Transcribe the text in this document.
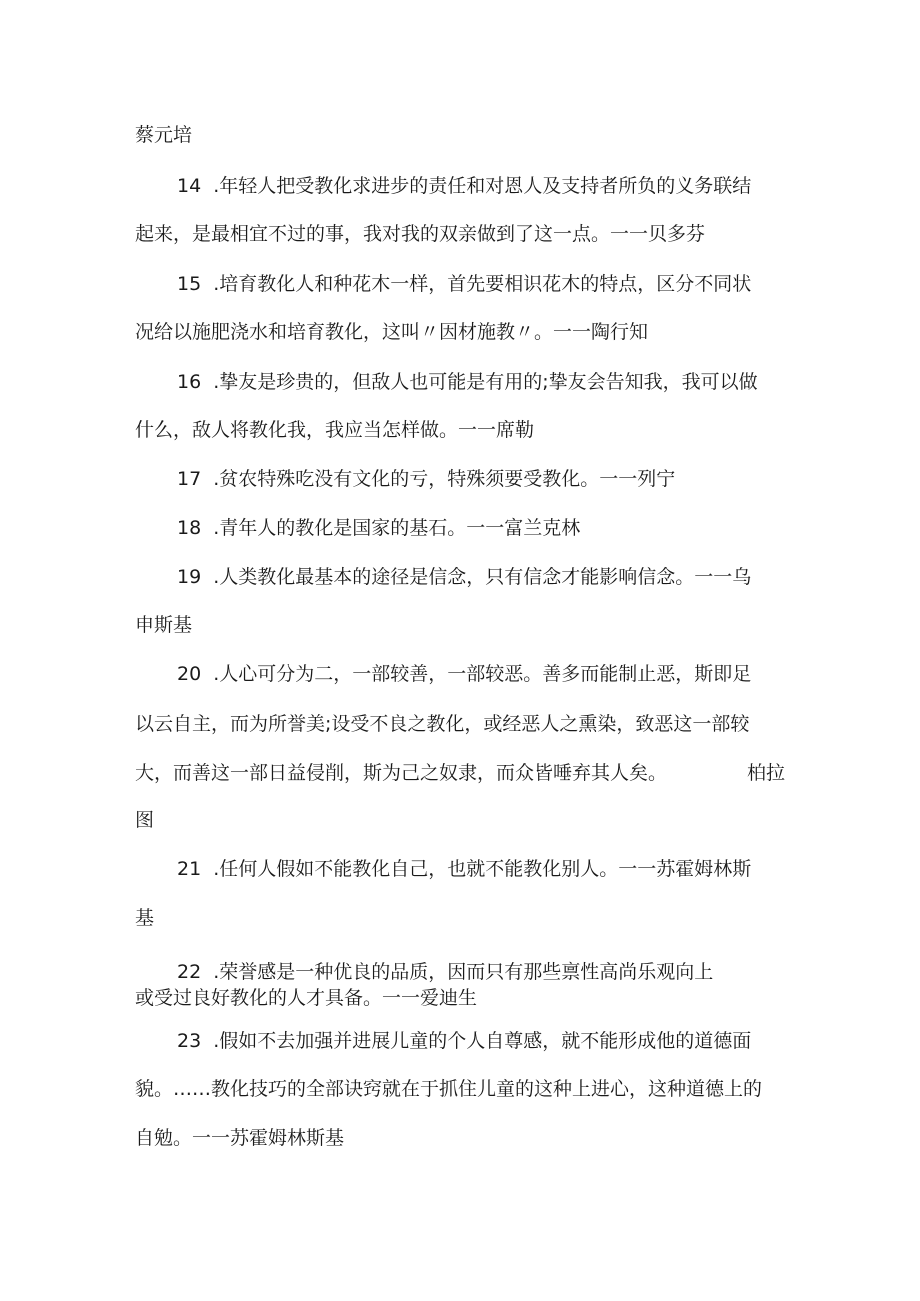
蔡元培
14 .年轻人把受教化求进步的责任和对恩人及支持者所负的义务联结
起来，是最相宜不过的事，我对我的双亲做到了这一点。一一贝多芬
15 .培育教化人和种花木一样，首先要相识花木的特点，区分不同状
况给以施肥浇水和培育教化，这叫〃因材施教〃。一一陶行知
16 .挚友是珍贵的，但敌人也可能是有用的;挚友会告知我，我可以做
什么，敌人将教化我，我应当怎样做。一一席勒
17 .贫农特殊吃没有文化的亏，特殊须要受教化。一一列宁
18 .青年人的教化是国家的基石。一一富兰克林
19 .人类教化最基本的途径是信念，只有信念才能影响信念。一一乌
申斯基
20 .人心可分为二，一部较善，一部较恶。善多而能制止恶，斯即足
以云自主，而为所誉美;设受不良之教化，或经恶人之熏染，致恶这一部较
大，而善这一部日益侵削，斯为己之奴隶，而众皆唾弃其人矣。	柏拉
图
21 .任何人假如不能教化自己，也就不能教化别人。一一苏霍姆林斯
基
22 .荣誉感是一种优良的品质，因而只有那些禀性高尚乐观向上
或受过良好教化的人才具备。一一爱迪生
23 .假如不去加强并进展儿童的个人自尊感，就不能形成他的道德面
貌。……教化技巧的全部诀窍就在于抓住儿童的这种上进心，这种道德上的
自勉。一一苏霍姆林斯基
